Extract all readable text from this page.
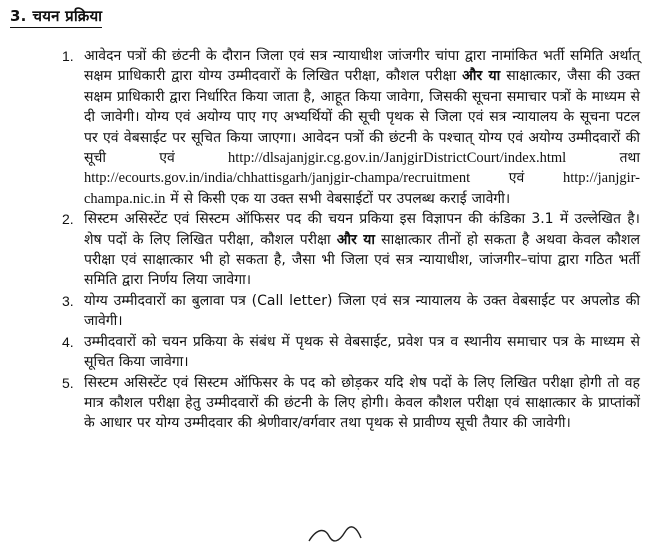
3. चयन प्रक्रिया
1. आवेदन पत्रों की छंटनी के दौरान जिला एवं सत्र न्यायाधीश जांजगीर चांपा द्वारा नामांकित भर्ती समिति अर्थात् सक्षम प्राधिकारी द्वारा योग्य उम्मीदवारों के लिखित परीक्षा, कौशल परीक्षा और या साक्षात्कार, जैसा की उक्त सक्षम प्राधिकारी द्वारा निर्धारित किया जाता है, आहूत किया जावेगा, जिसकी सूचना समाचार पत्रों के माध्यम से दी जावेगी। योग्य एवं अयोग्य पाए गए अभ्यर्थियों की सूची पृथक से जिला एवं सत्र न्यायालय के सूचना पटल पर एवं वेबसाईट पर सूचित किया जाएगा। आवेदन पत्रों की छंटनी के पश्चात् योग्य एवं अयोग्य उम्मीदवारों की सूची एवं	http://dlsajanjgir.cg.gov.in/JanjgirDistrictCourt/index.html	तथा http://ecourts.gov.in/india/chhattisgarh/janjgir-champa/recruitment	एवं	http://janjgir-champa.nic.in में से किसी एक या उक्त सभी वेबसाईटों पर उपलब्ध कराई जावेगी।
2. सिस्टम असिस्टेंट एवं सिस्टम ऑफिसर पद की चयन प्रकिया इस विज्ञापन की कंडिका 3.1 में उल्लेखित है। शेष पदों के लिए लिखित परीक्षा, कौशल परीक्षा और या साक्षात्कार तीनों हो सकता है अथवा केवल कौशल परीक्षा एवं साक्षात्कार भी हो सकता है, जैसा भी जिला एवं सत्र न्यायाधीश, जांजगीर–चांपा द्वारा गठित भर्ती समिति द्वारा निर्णय लिया जावेगा।
3. योग्य उम्मीदवारों का बुलावा पत्र (Call letter) जिला एवं सत्र न्यायालय के उक्त वेबसाईट पर अपलोड की जावेगी।
4. उम्मीदवारों को चयन प्रकिया के संबंध में पृथक से वेबसाईट, प्रवेश पत्र व स्थानीय समाचार पत्र के माध्यम से सूचित किया जावेगा।
5. सिस्टम असिस्टेंट एवं सिस्टम ऑफिसर के पद को छोड़कर यदि शेष पदों के लिए लिखित परीक्षा होगी तो वह मात्र कौशल परीक्षा हेतु उम्मीदवारों की छंटनी के लिए होगी। केवल कौशल परीक्षा एवं साक्षात्कार के प्राप्तांकों के आधार पर योग्य उम्मीदवार की श्रेणीवार/वर्गवार तथा पृथक से प्रावीण्य सूची तैयार की जावेगी।
